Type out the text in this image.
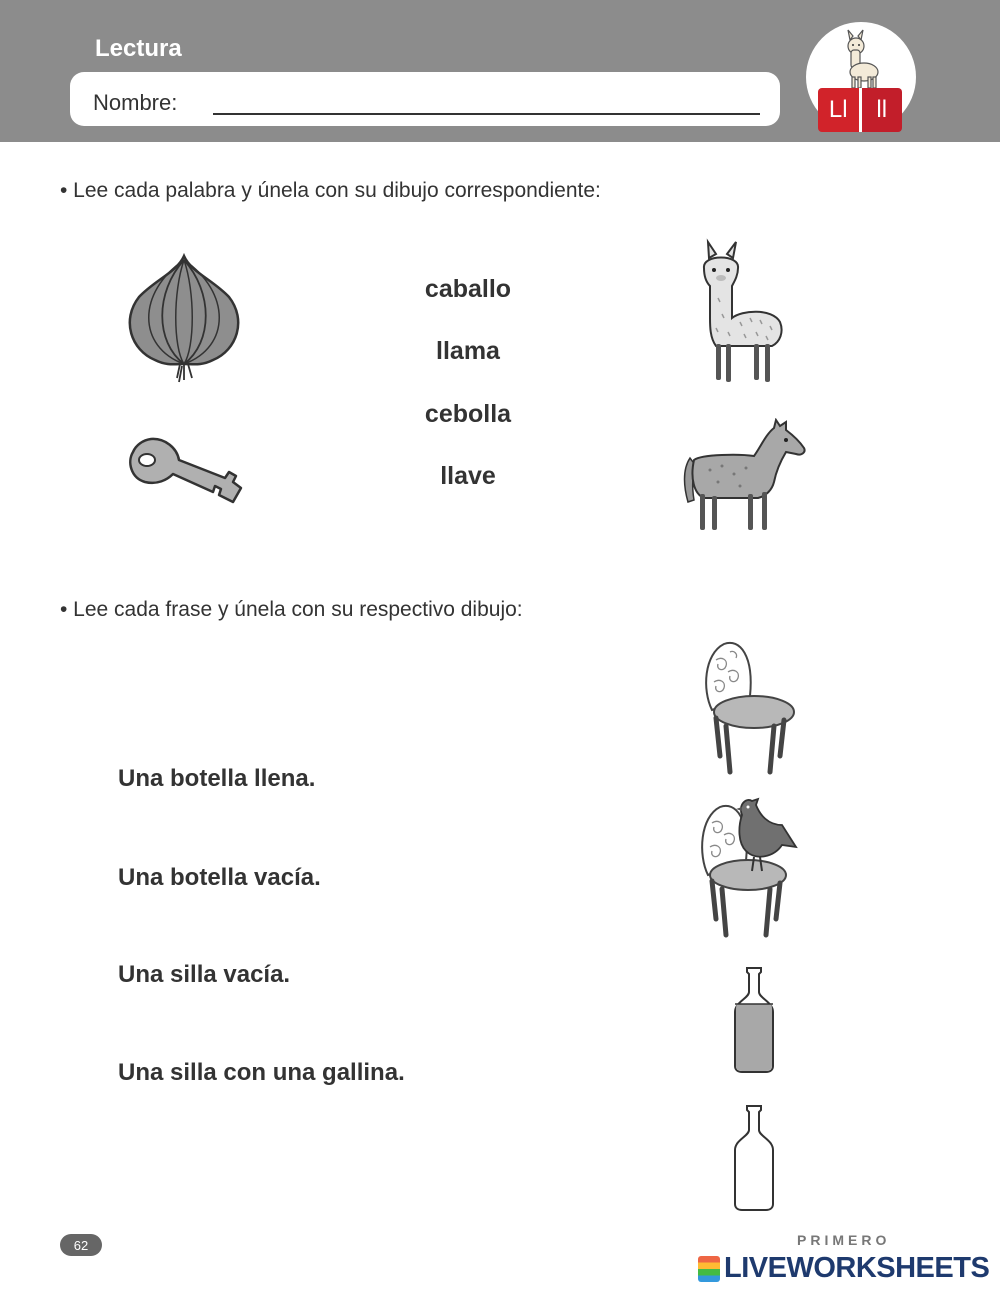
Lectura
Nombre:	Ll	ll
• Lee cada palabra y únela con su dibujo correspondiente:
caballo
llama
cebolla
llave
• Lee cada frase y únela con su respectivo dibujo:
Una botella llena.
Una botella vacía.
Una silla vacía.
Una silla con una gallina.
62	PRIMERO
LIVEWORKSHEETS
